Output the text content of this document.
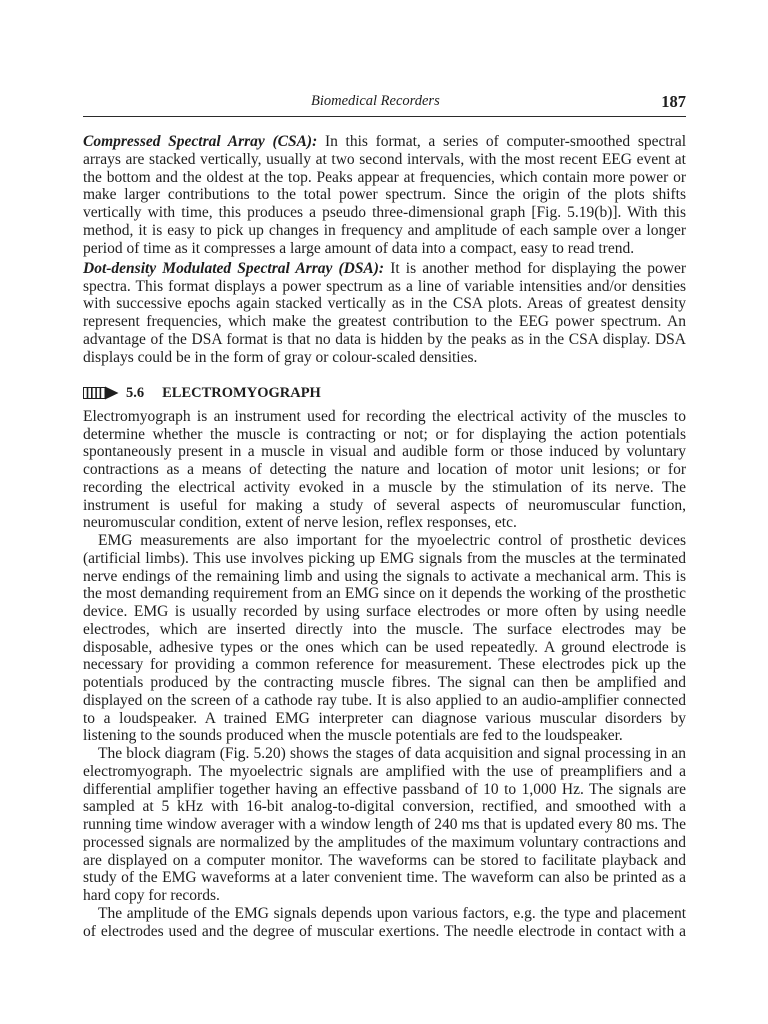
Biomedical Recorders	187

Compressed Spectral Array (CSA): In this format, a series of computer-smoothed spectral arrays are stacked vertically, usually at two second intervals, with the most recent EEG event at the bottom and the oldest at the top. Peaks appear at frequencies, which contain more power or make larger contributions to the total power spectrum. Since the origin of the plots shifts vertically with time, this produces a pseudo three-dimensional graph [Fig. 5.19(b)]. With this method, it is easy to pick up changes in frequency and amplitude of each sample over a longer period of time as it compresses a large amount of data into a compact, easy to read trend.

Dot-density Modulated Spectral Array (DSA): It is another method for displaying the power spectra. This format displays a power spectrum as a line of variable intensities and/or densities with successive epochs again stacked vertically as in the CSA plots. Areas of greatest density represent frequencies, which make the greatest contribution to the EEG power spectrum. An advantage of the DSA format is that no data is hidden by the peaks as in the CSA display. DSA displays could be in the form of gray or colour-scaled densities.

5.6 ELECTROMYOGRAPH

Electromyograph is an instrument used for recording the electrical activity of the muscles to determine whether the muscle is contracting or not; or for displaying the action potentials spontaneously present in a muscle in visual and audible form or those induced by voluntary contractions as a means of detecting the nature and location of motor unit lesions; or for recording the electrical activity evoked in a muscle by the stimulation of its nerve. The instrument is useful for making a study of several aspects of neuromuscular function, neuromuscular condition, extent of nerve lesion, reflex responses, etc.

EMG measurements are also important for the myoelectric control of prosthetic devices (artificial limbs). This use involves picking up EMG signals from the muscles at the terminated nerve endings of the remaining limb and using the signals to activate a mechanical arm. This is the most demanding requirement from an EMG since on it depends the working of the prosthetic device. EMG is usually recorded by using surface electrodes or more often by using needle electrodes, which are inserted directly into the muscle. The surface electrodes may be disposable, adhesive types or the ones which can be used repeatedly. A ground electrode is necessary for providing a common reference for measurement. These electrodes pick up the potentials produced by the contracting muscle fibres. The signal can then be amplified and displayed on the screen of a cathode ray tube. It is also applied to an audio-amplifier connected to a loudspeaker. A trained EMG interpreter can diagnose various muscular disorders by listening to the sounds produced when the muscle potentials are fed to the loudspeaker.

The block diagram (Fig. 5.20) shows the stages of data acquisition and signal processing in an electromyograph. The myoelectric signals are amplified with the use of preamplifiers and a differential amplifier together having an effective passband of 10 to 1,000 Hz. The signals are sampled at 5 kHz with 16-bit analog-to-digital conversion, rectified, and smoothed with a running time window averager with a window length of 240 ms that is updated every 80 ms. The processed signals are normalized by the amplitudes of the maximum voluntary contractions and are displayed on a computer monitor. The waveforms can be stored to facilitate playback and study of the EMG waveforms at a later convenient time. The waveform can also be printed as a hard copy for records.

The amplitude of the EMG signals depends upon various factors, e.g. the type and placement of electrodes used and the degree of muscular exertions. The needle electrode in contact with a
